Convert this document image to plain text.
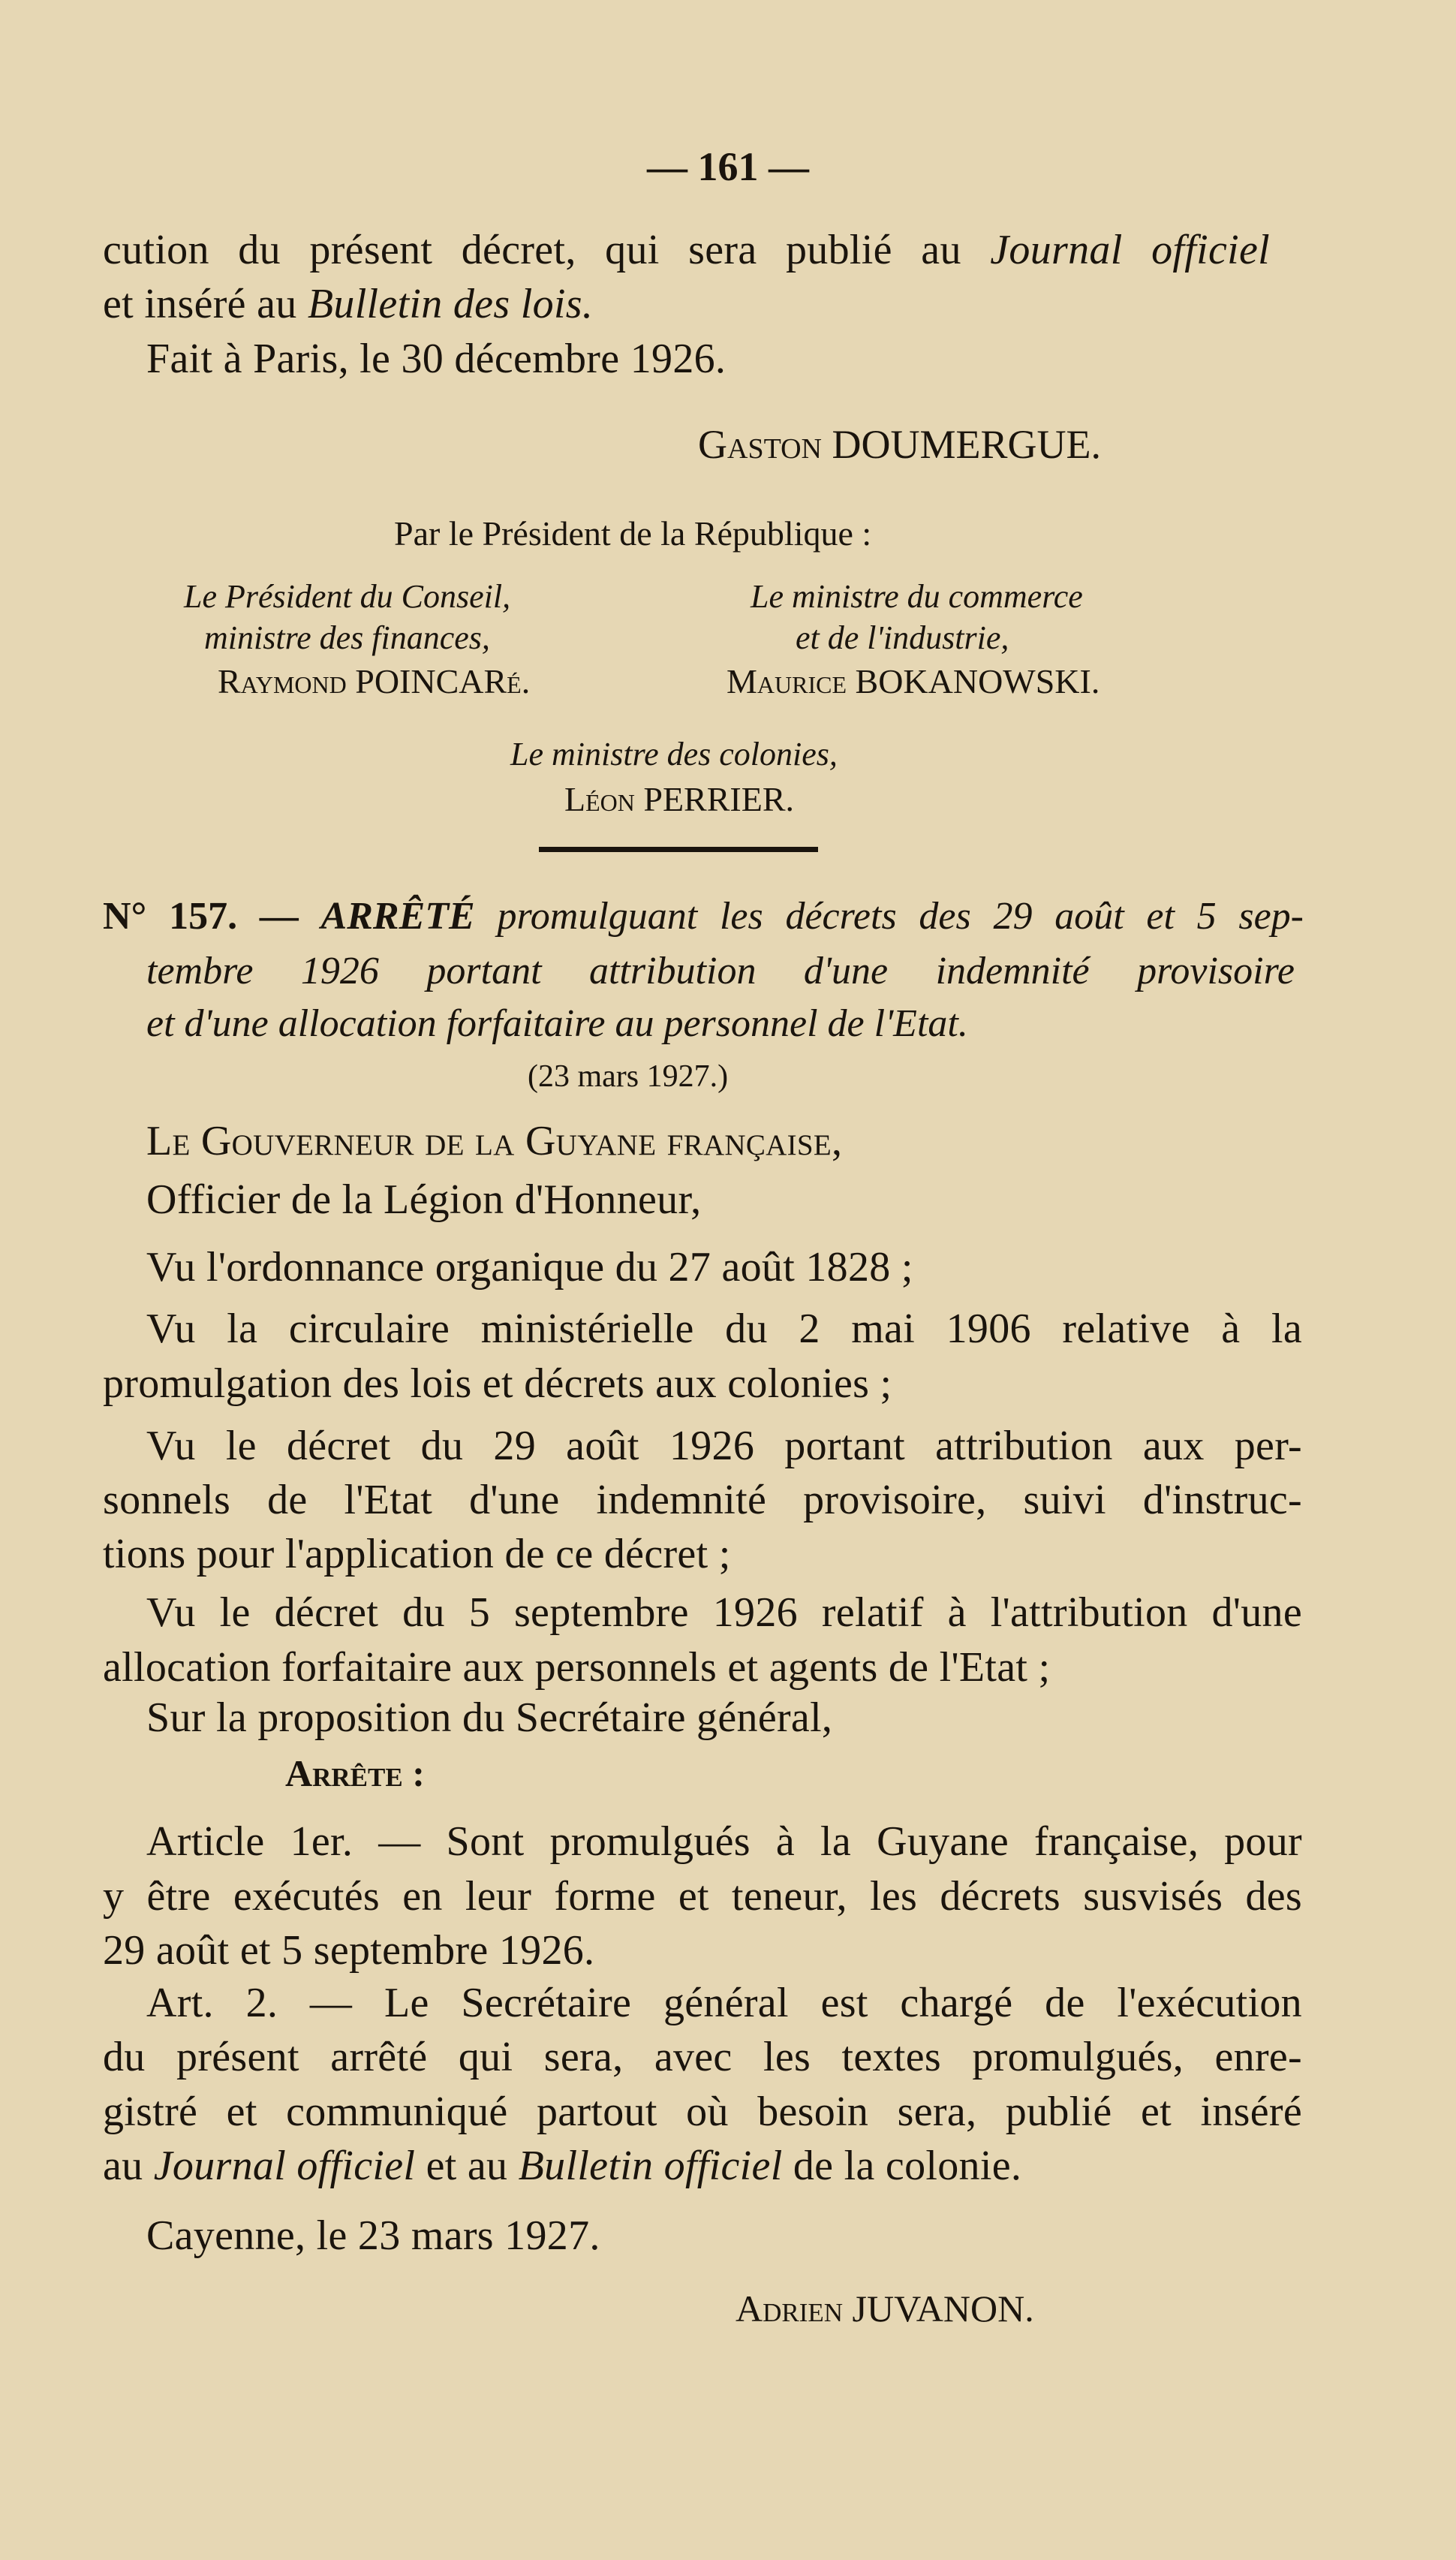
— 161 —
cution du présent décret, qui sera publié au Journal officiel
et inséré au Bulletin des lois.
Fait à Paris, le 30 décembre 1926.
Gaston DOUMERGUE.
Par le Président de la République :
Le Président du Conseil,
ministre des finances,
Raymond POINCARé.
Le ministre du commerce
et de l'industrie,
Maurice BOKANOWSKI.
Le ministre des colonies,
Léon PERRIER.
N° 157. — ARRÊTÉ promulguant les décrets des 29 août et 5 sep-
tembre 1926 portant attribution d'une indemnité provisoire
et d'une allocation forfaitaire au personnel de l'Etat.
(23 mars 1927.)
Le Gouverneur de la Guyane française,
Officier de la Légion d'Honneur,
Vu l'ordonnance organique du 27 août 1828 ;
Vu la circulaire ministérielle du 2 mai 1906 relative à la
promulgation des lois et décrets aux colonies ;
Vu le décret du 29 août 1926 portant attribution aux per-
sonnels de l'Etat d'une indemnité provisoire, suivi d'instruc-
tions pour l'application de ce décret ;
Vu le décret du 5 septembre 1926 relatif à l'attribution d'une
allocation forfaitaire aux personnels et agents de l'Etat ;
Sur la proposition du Secrétaire général,
Arrête :
Article 1er. — Sont promulgués à la Guyane française, pour
y être exécutés en leur forme et teneur, les décrets susvisés des
29 août et 5 septembre 1926.
Art. 2. — Le Secrétaire général est chargé de l'exécution
du présent arrêté qui sera, avec les textes promulgués, enre-
gistré et communiqué partout où besoin sera, publié et inséré
au Journal officiel et au Bulletin officiel de la colonie.
Cayenne, le 23 mars 1927.
Adrien JUVANON.
